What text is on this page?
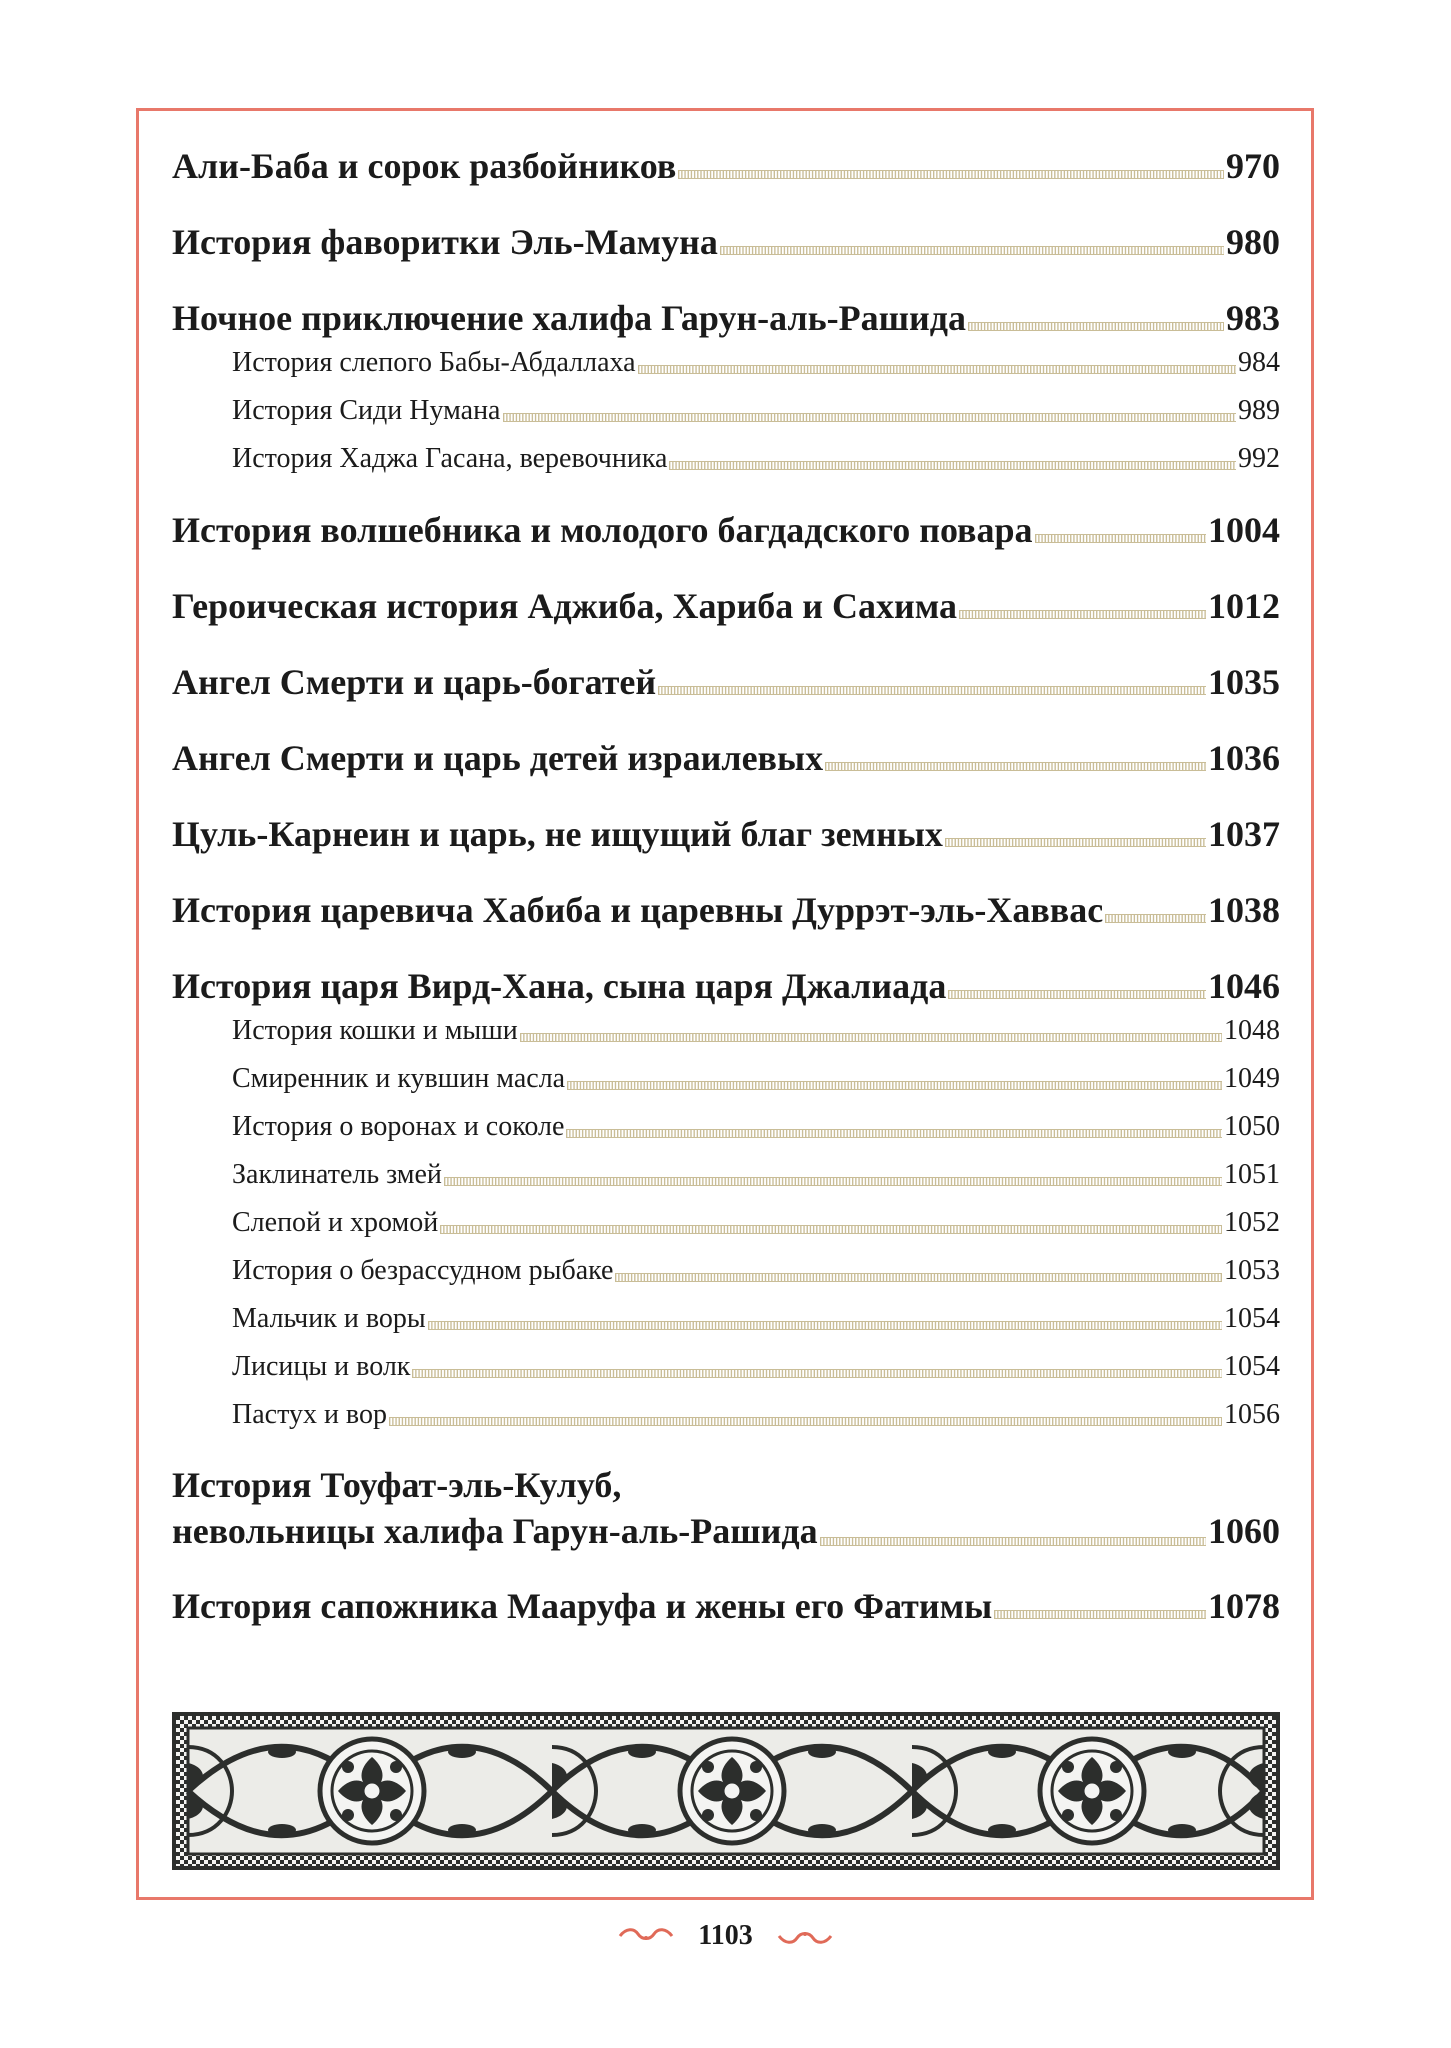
Али-Баба и сорок разбойников	970
История фаворитки Эль-Мамуна	980
Ночное приключение халифа Гарун-аль-Рашида	983
История слепого Бабы-Абдаллаха	984
История Сиди Нумана	989
История Хаджа Гасана, веревочника	992
История волшебника и молодого багдадского повара	1004
Героическая история Аджиба, Хариба и Сахима	1012
Ангел Смерти и царь-богатей	1035
Ангел Смерти и царь детей израилевых	1036
Цуль-Карнеин и царь, не ищущий благ земных	1037
История царевича Хабиба и царевны Дуррэт-эль-Хаввас	1038
История царя Вирд-Хана, сына царя Джалиада	1046
История кошки и мыши	1048
Смиренник и кувшин масла	1049
История о воронах и соколе	1050
Заклинатель змей	1051
Слепой и хромой	1052
История о безрассудном рыбаке	1053
Мальчик и воры	1054
Лисицы и волк	1054
Пастух и вор	1056
История Тоуфат-эль-Кулуб,
невольницы халифа Гарун-аль-Рашида	1060
История сапожника Мааруфа и жены его Фатимы	1078
1103
